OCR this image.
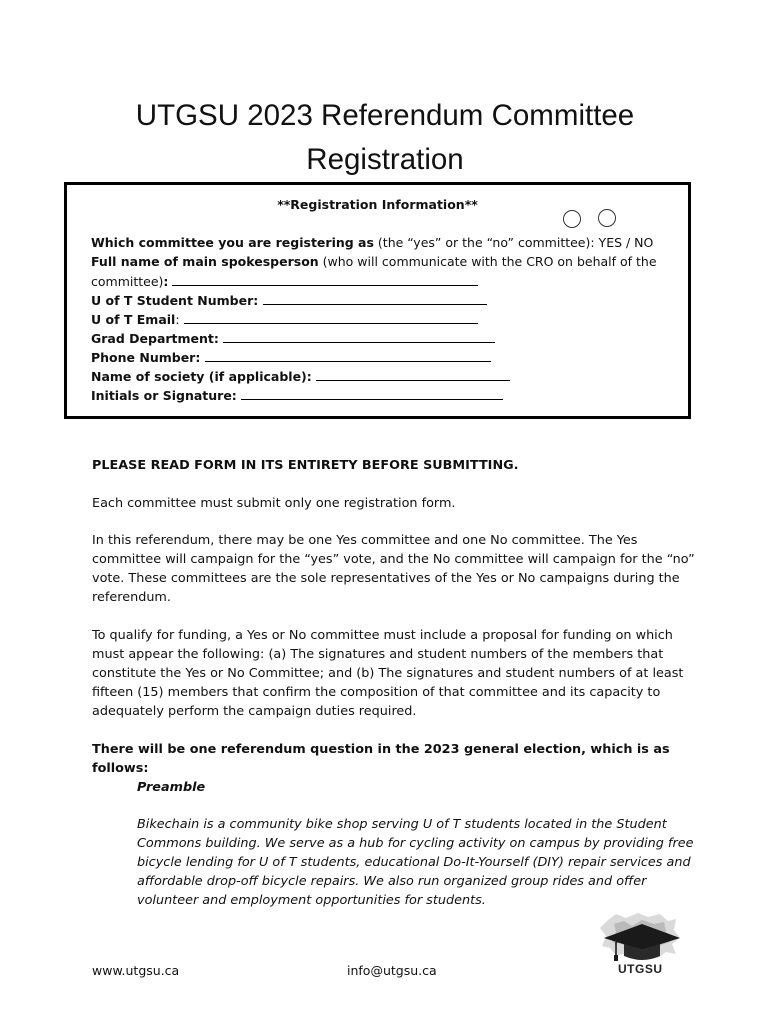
UTGSU 2023 Referendum Committee
Registration
**Registration Information**
Which committee you are registering as (the “yes” or the “no” committee): YES / NO
Full name of main spokesperson (who will communicate with the CRO on behalf of the
committee):
U of T Student Number:
U of T Email:
Grad Department:
Phone Number:
Name of society (if applicable):
Initials or Signature:
PLEASE READ FORM IN ITS ENTIRETY BEFORE SUBMITTING.
Each committee must submit only one registration form.
In this referendum, there may be one Yes committee and one No committee. The Yes
committee will campaign for the “yes” vote, and the No committee will campaign for the “no”
vote. These committees are the sole representatives of the Yes or No campaigns during the
referendum.
To qualify for funding, a Yes or No committee must include a proposal for funding on which
must appear the following: (a) The signatures and student numbers of the members that
constitute the Yes or No Committee; and (b) The signatures and student numbers of at least
fifteen (15) members that confirm the composition of that committee and its capacity to
adequately perform the campaign duties required.
There will be one referendum question in the 2023 general election, which is as follows:
Preamble
Bikechain is a community bike shop serving U of T students located in the Student
Commons building. We serve as a hub for cycling activity on campus by providing free
bicycle lending for U of T students, educational Do-It-Yourself (DIY) repair services and
affordable drop-off bicycle repairs. We also run organized group rides and offer
volunteer and employment opportunities for students.
www.utgsu.ca	info@utgsu.ca	UTGSU
